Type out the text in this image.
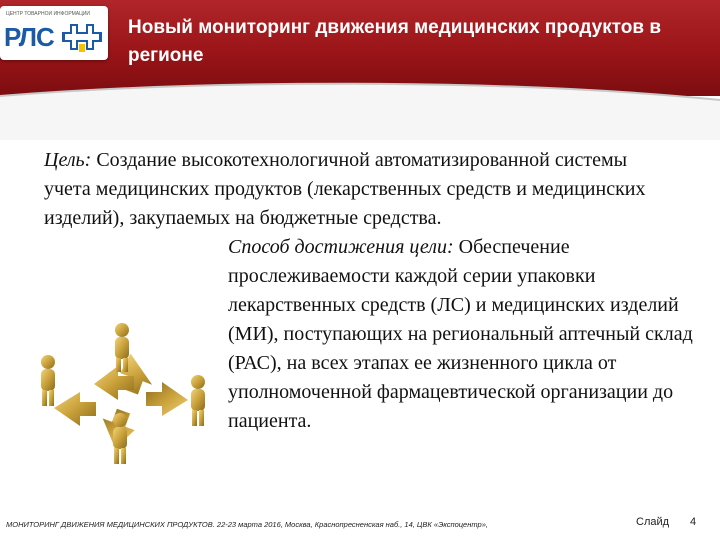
ЦЕНТР ТОВАРНОЙ ИНФОРМАЦИИ
РЛС	Новый мониторинг движения медицинских продуктов в регионе
Цель: Создание высокотехнологичной автоматизированной системы учета медицинских продуктов (лекарственных средств и медицинских изделий), закупаемых на бюджетные средства.
Способ достижения цели: Обеспечение прослеживаемости каждой серии упаковки лекарственных средств (ЛС) и медицинских изделий (МИ), поступающих на региональный аптечный склад (РАС), на всех этапах ее жизненного цикла от уполномоченной фармацевтической организации до пациента.
МОНИТОРИНГ ДВИЖЕНИЯ МЕДИЦИНСКИХ ПРОДУКТОВ. 22-23 марта 2016, Москва, Краснопресненская наб., 14, ЦВК «Экспоцентр»,	Слайд 4
